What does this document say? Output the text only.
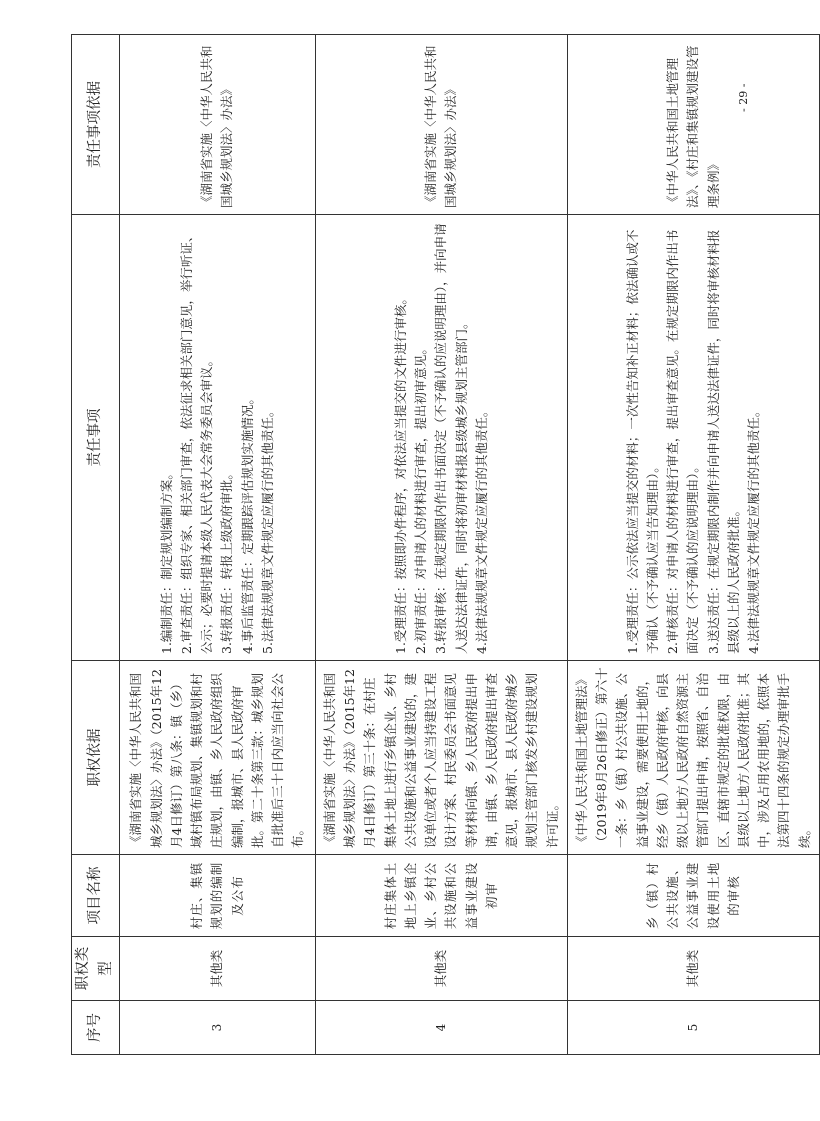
- 29 -
序号	职权类型	项目名称	职权依据	责任事项	责任事项依据
3	其他类	村庄、集镇规划的编制及公布	《湖南省实施〈中华人民共和国城乡规划法〉办法》（2015年12月4日修订）第八条：镇（乡）域村镇布局规划、集镇规划和村庄规划，由镇、乡人民政府组织编制，报城市、县人民政府审批。第二十条第三款：城乡规划自批准后三十日内应当向社会公布。	1.编制责任：制定规划编制方案。 2.审查责任：组织专家、相关部门审查，依法征求相关部门意见，举行听证、公示；必要时提请本级人民代表大会常务委员会审议。 3.转报责任：转报上级政府审批。 4.事后监管责任：定期跟踪评估规划实施情况。 5.法律法规规章文件规定应履行的其他责任。	《湖南省实施〈中华人民共和国城乡规划法〉办法》
4	其他类	村庄集体土地上乡镇企业、乡村公共设施和公益事业建设初审	《湖南省实施〈中华人民共和国城乡规划法〉办法》（2015年12月4日修订）第三十条：在村庄集体土地上进行乡镇企业、乡村公共设施和公益事业建设的，建设单位或者个人应当持建设工程设计方案、村民委员会书面意见等材料向镇、乡人民政府提出申请，由镇、乡人民政府提出审查意见，报城市、县人民政府城乡规划主管部门核发乡村建设规划许可证。	1.受理责任：按照即办件程序，对依法应当提交的文件进行审核。 2.初审责任：对申请人的材料进行审查，提出初审意见。 3.转报审核：在规定期限内作出书面决定（不予确认的应说明理由），并向申请人送达法律证件，同时将初审材料报县级城乡规划主管部门。 4.法律法规规章文件规定应履行的其他责任。	《湖南省实施〈中华人民共和国城乡规划法〉办法》
5	其他类	乡（镇）村公共设施、公益事业建设使用土地的审核	《中华人民共和国土地管理法》（2019年8月26日修正）第六十一条：乡（镇）村公共设施、公益事业建设，需要使用土地的，经乡（镇）人民政府审核，向县级以上地方人民政府自然资源主管部门提出申请，按照省、自治区、直辖市规定的批准权限，由县级以上地方人民政府批准；其中，涉及占用农用地的，依照本法第四十四条的规定办理审批手续。	1.受理责任：公示依法应当提交的材料；一次性告知补正材料；依法确认或不予确认（不予确认应当告知理由）。 2.审核责任：对申请人的材料进行审查，提出审查意见。在规定期限内作出书面决定（不予确认的应说明理由）。 3.送达责任：在规定期限内制作并向申请人送达法律证件，同时将审核材料报县级以上的人民政府批准。 4.法律法规规章文件规定应履行的其他责任。	《中华人民共和国土地管理法》、《村庄和集镇规划建设管理条例》
